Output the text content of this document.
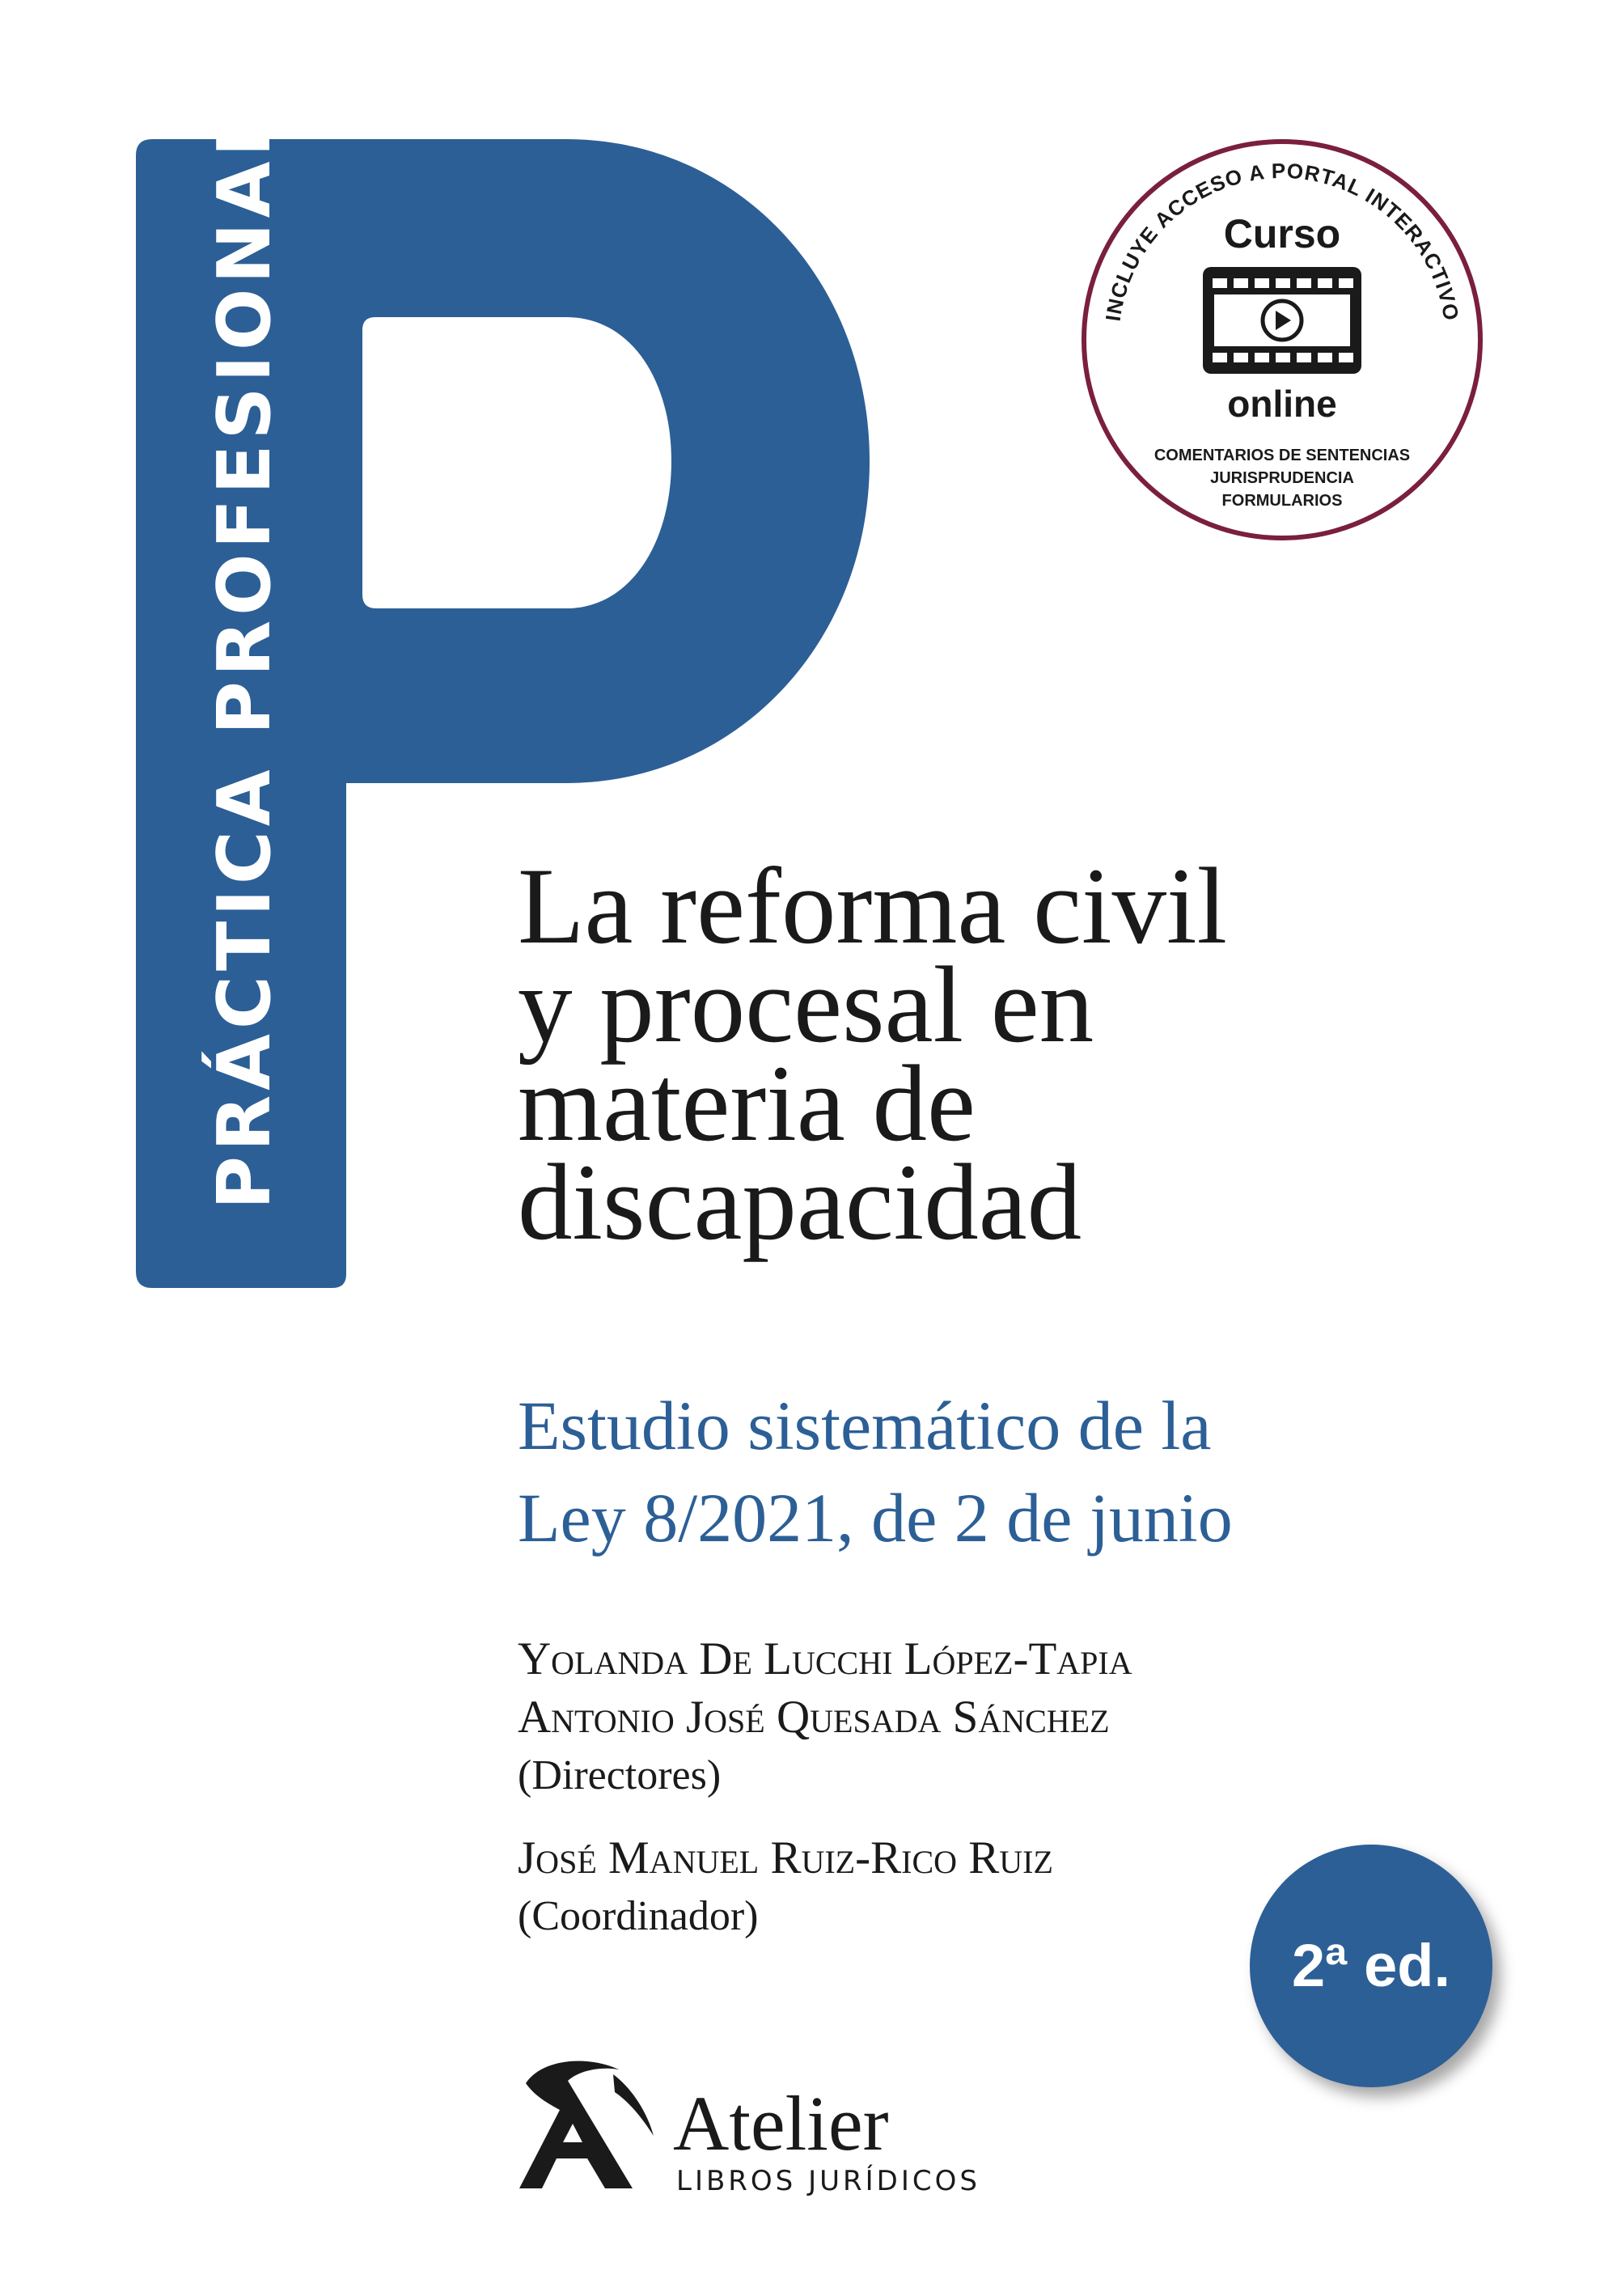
PRÁCTICA PROFESIONAL	INCLUYE ACCESO A PORTAL INTERACTIVO
Curso
online
COMENTARIOS DE SENTENCIAS
JURISPRUDENCIA
FORMULARIOS
La reforma civil
y procesal en
materia de
discapacidad
Estudio sistemático de la
Ley 8/2021, de 2 de junio
Yolanda De Lucchi López-Tapia
Antonio José Quesada Sánchez
(Directores)
José Manuel Ruiz-Rico Ruiz
(Coordinador)
2ª ed.
Atelier
LIBROS JURÍDICOS
